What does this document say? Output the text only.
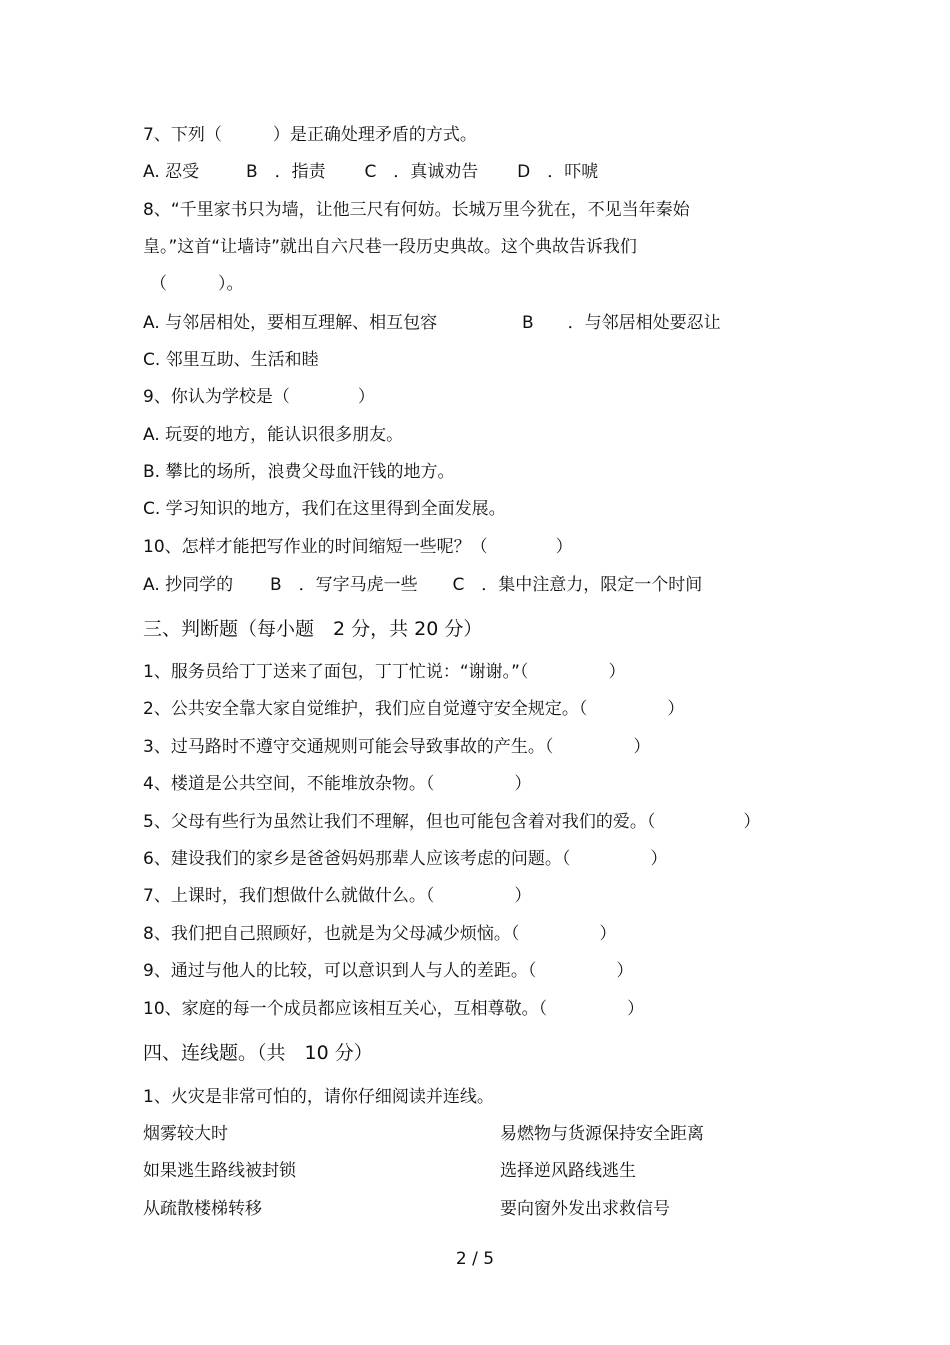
7、下列（　　　）是正确处理矛盾的方式。
A. 忍受	B　．指责 C　．真诚劝告 D　．吓唬
8、“千里家书只为墙，让他三尺有何妨。长城万里今犹在，不见当年秦始
皇。”这首“让墙诗”就出自六尺巷一段历史典故。这个典故告诉我们
（　　　）。
A. 与邻居相处，要相互理解、相互包容	B　　．与邻居相处要忍让
C. 邻里互助、生活和睦
9、你认为学校是（　　　　）
A. 玩耍的地方，能认识很多朋友。
B. 攀比的场所，浪费父母血汗钱的地方。
C. 学习知识的地方，我们在这里得到全面发展。
10、怎样才能把写作业的时间缩短一些呢？（　　　　）
A. 抄同学的 B　．写字马虎一些 C　．集中注意力，限定一个时间
三、判断题（每小题　2 分，共 20 分）
1、服务员给丁丁送来了面包，丁丁忙说：“谢谢。”（	）
2、公共安全靠大家自觉维护，我们应自觉遵守安全规定。（	）
3、过马路时不遵守交通规则可能会导致事故的产生。（	）
4、楼道是公共空间，不能堆放杂物。（	）
5、父母有些行为虽然让我们不理解，但也可能包含着对我们的爱。（	）
6、建设我们的家乡是爸爸妈妈那辈人应该考虑的问题。（	）
7、上课时，我们想做什么就做什么。（	）
8、我们把自己照顾好，也就是为父母减少烦恼。（	）
9、通过与他人的比较，可以意识到人与人的差距。（	）
10、家庭的每一个成员都应该相互关心，互相尊敬。（	）
四、连线题。（共　10 分）
1、火灾是非常可怕的，请你仔细阅读并连线。
烟雾较大时	易燃物与货源保持安全距离
如果逃生路线被封锁	选择逆风路线逃生
从疏散楼梯转移	要向窗外发出求救信号
2 / 5
